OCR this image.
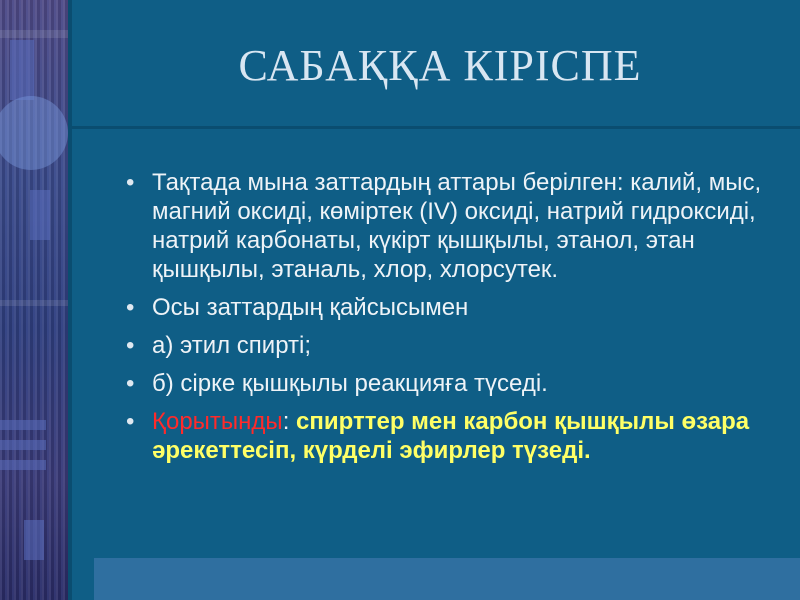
САБАҚҚА КІРІСПЕ
• Тақтада мына заттардың аттары берілген: калий, мыс, магний оксиді, көміртек (IV) оксиді, натрий гидроксиді, натрий карбонаты, күкірт қышқылы, этанол, этан қышқылы, этаналь, хлор, хлорсутек.
• Осы заттардың қайсысымен
• а) этил спирті;
• б) сірке қышқылы реакцияға түседі.
• Қорытынды: спирттер мен карбон қышқылы өзара әрекеттесіп, күрделі эфирлер түзеді.
